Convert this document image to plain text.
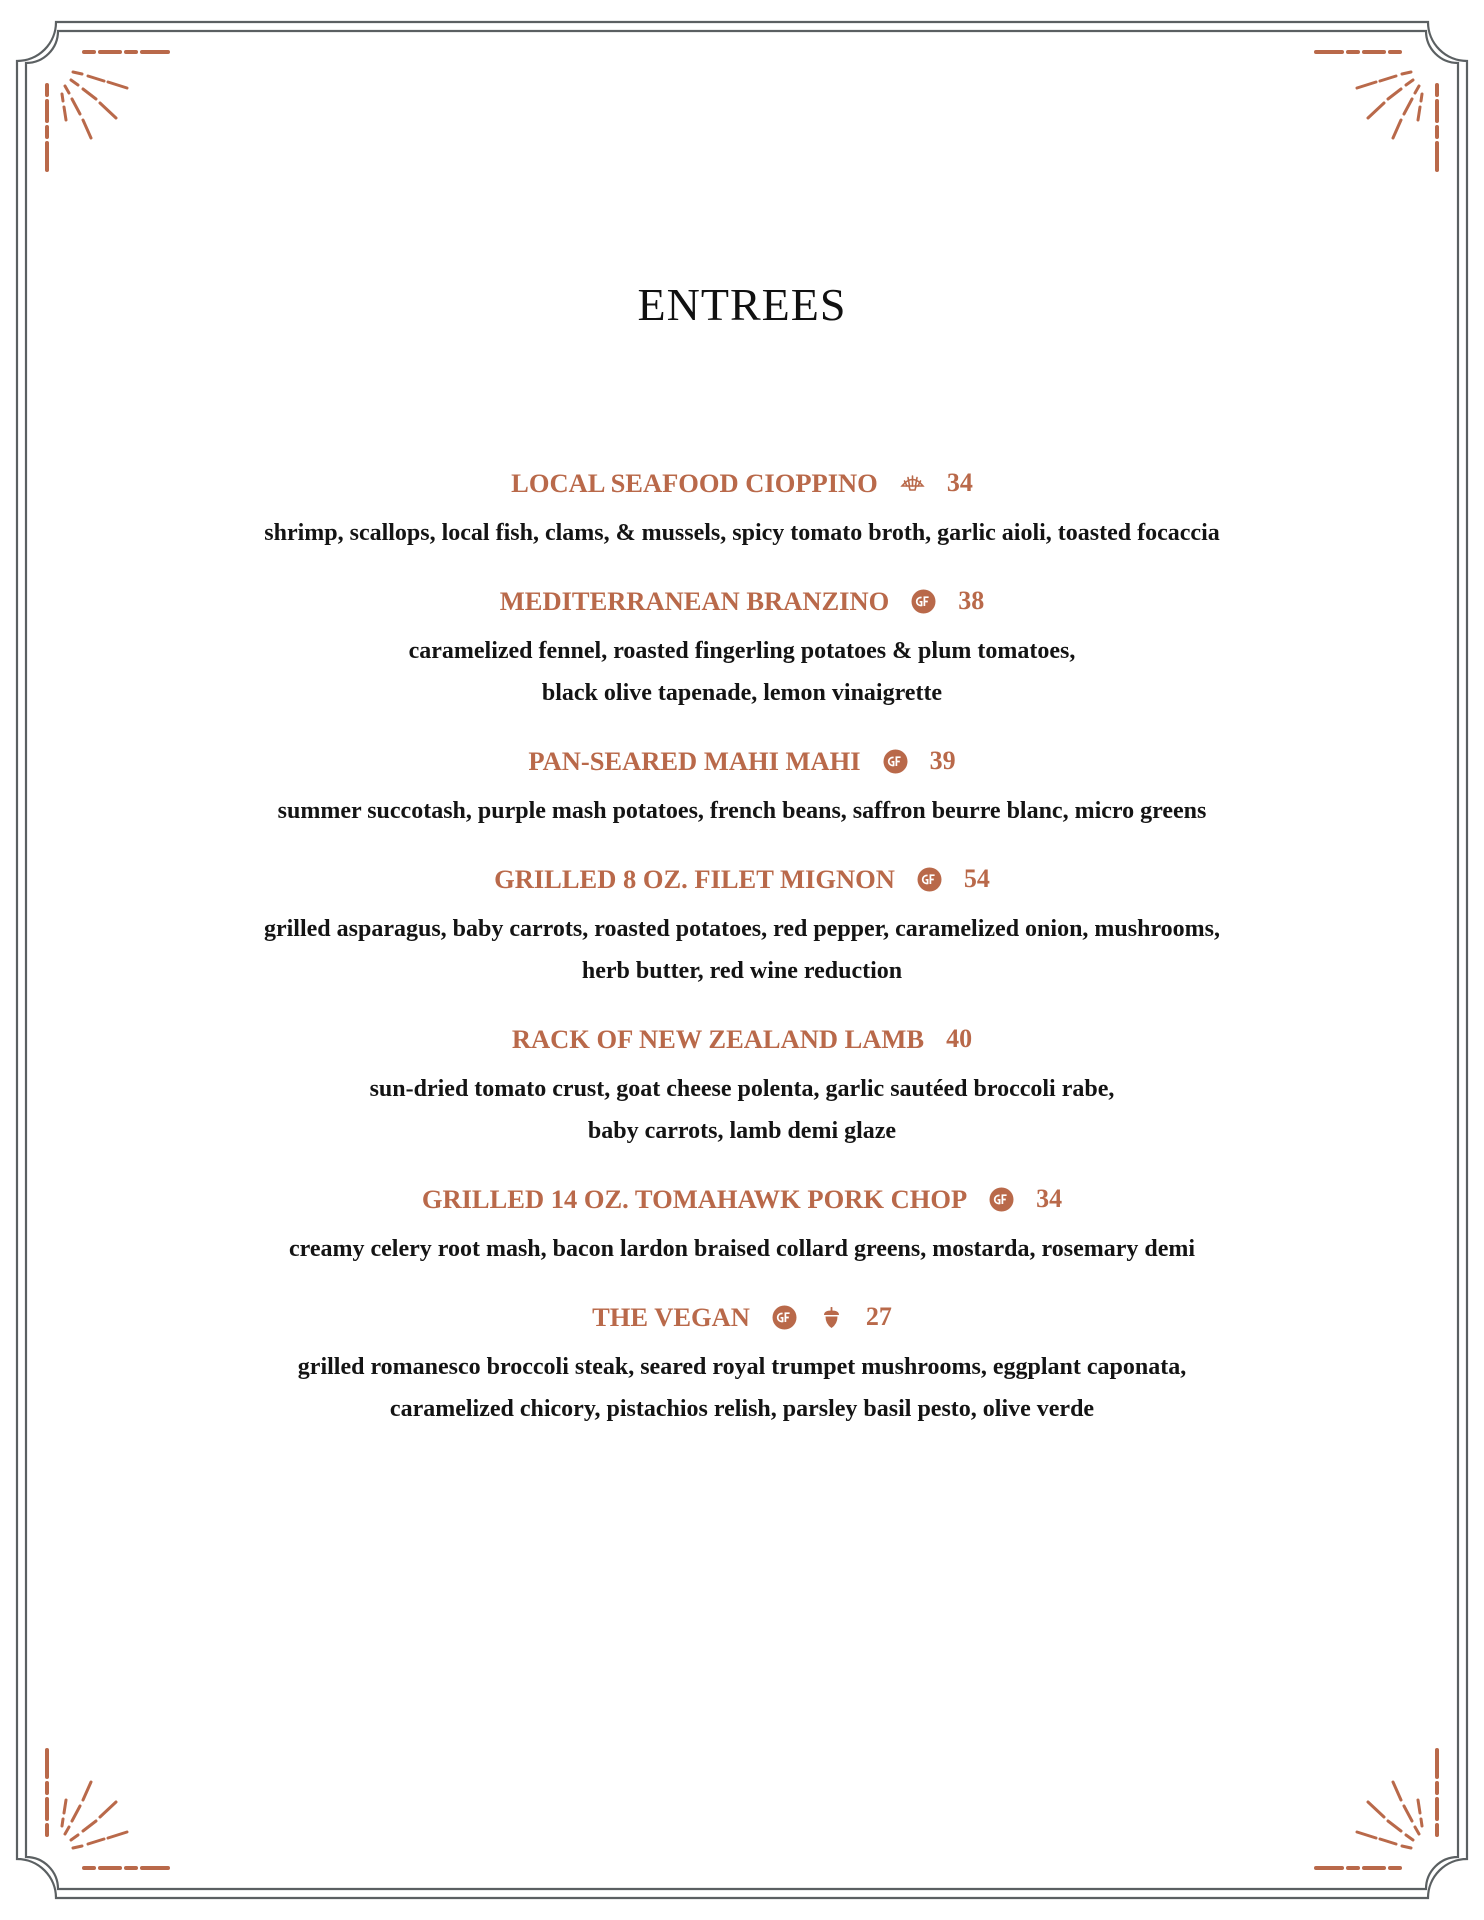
ENTREES
LOCAL SEAFOOD CIOPPINO	34
shrimp, scallops, local fish, clams, & mussels, spicy tomato broth, garlic aioli, toasted focaccia
MEDITERRANEAN BRANZINO	38
caramelized fennel, roasted fingerling potatoes & plum tomatoes,
black olive tapenade, lemon vinaigrette
PAN-SEARED MAHI MAHI	39
summer succotash, purple mash potatoes, french beans, saffron beurre blanc, micro greens
GRILLED 8 OZ. FILET MIGNON	54
grilled asparagus, baby carrots, roasted potatoes, red pepper, caramelized onion, mushrooms,
herb butter, red wine reduction
RACK OF NEW ZEALAND LAMB 40
sun-dried tomato crust, goat cheese polenta, garlic sautéed broccoli rabe,
baby carrots, lamb demi glaze
GRILLED 14 OZ. TOMAHAWK PORK CHOP	34
creamy celery root mash, bacon lardon braised collard greens, mostarda, rosemary demi
THE VEGAN	27
grilled romanesco broccoli steak, seared royal trumpet mushrooms, eggplant caponata,
caramelized chicory, pistachios relish, parsley basil pesto, olive verde
